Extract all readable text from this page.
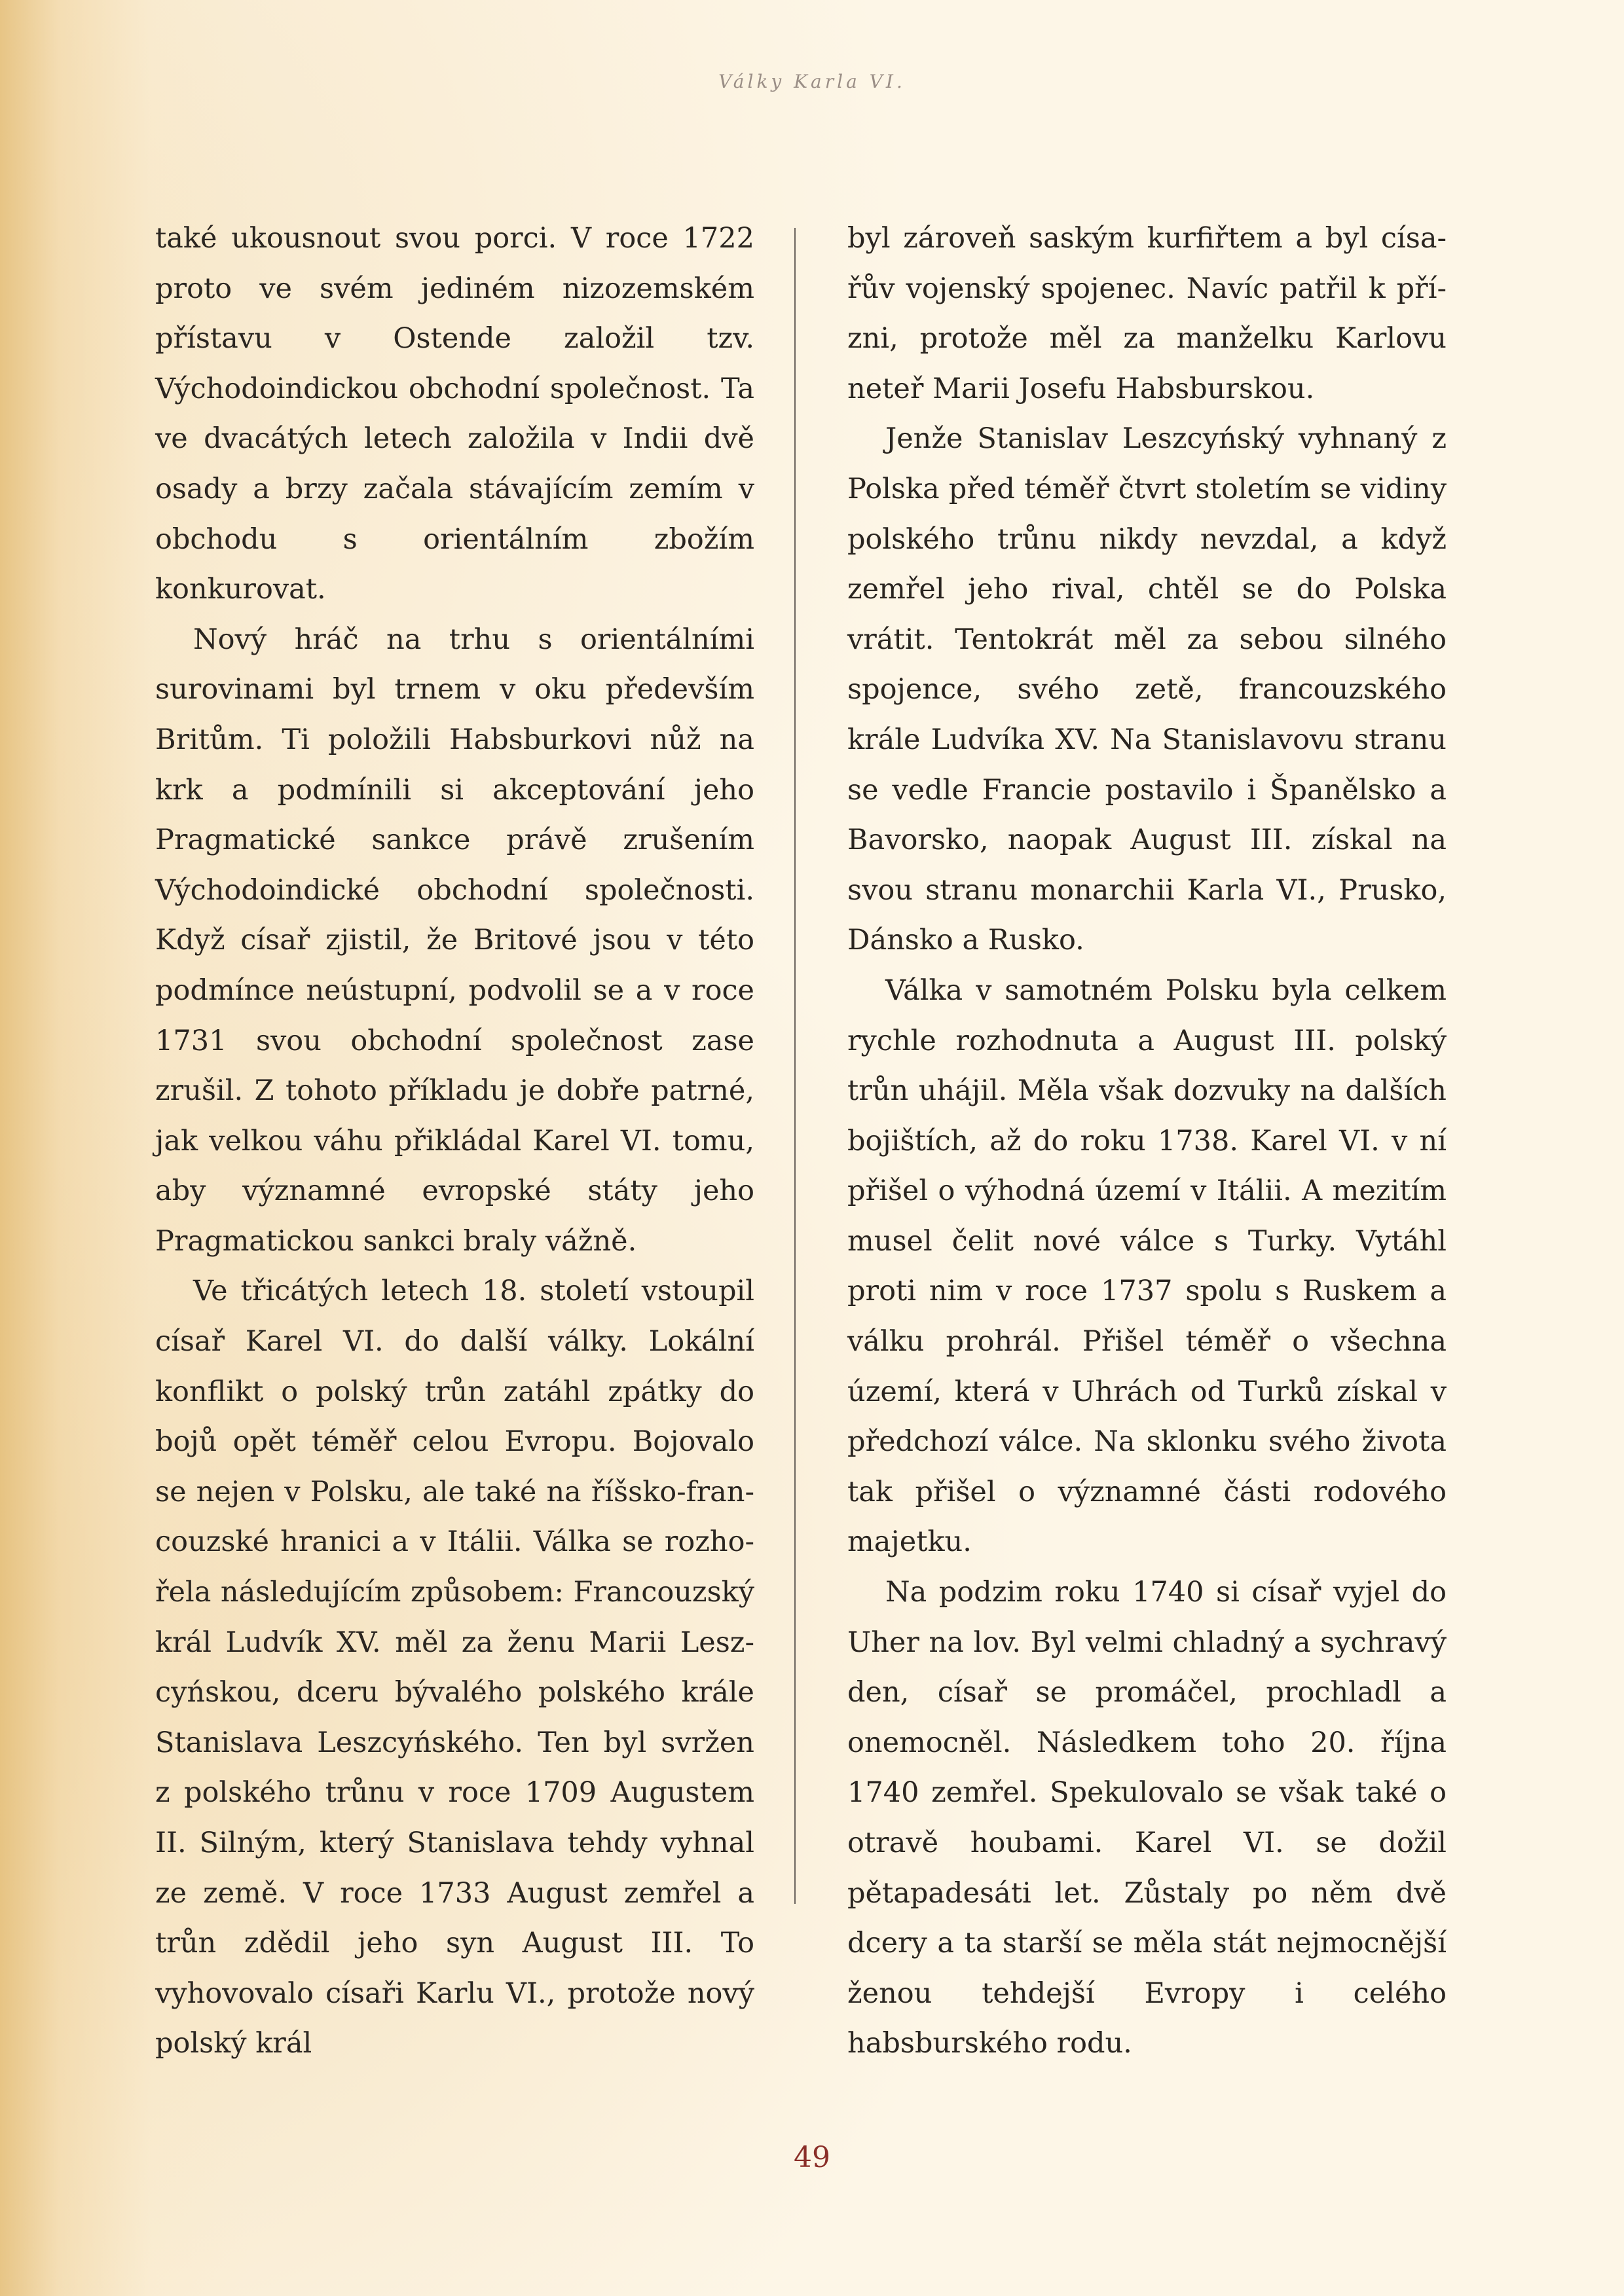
Války Karla VI.

také ukousnout svou porci. V roce 1722 proto ve svém jediném nizozemském přístavu v Ostende založil tzv. Východoindickou obchodní společnost. Ta ve dvacátých letech založila v Indii dvě osady a brzy začala stávajícím zemím v obchodu s orientálním zbožím konkurovat.

Nový hráč na trhu s orientálními surovinami byl trnem v oku především Britům. Ti položili Habsburkovi nůž na krk a podmínili si akceptování jeho Pragmatické sankce právě zrušením Východoindické obchodní společnosti. Když císař zjistil, že Britové jsou v této podmínce neústupní, podvolil se a v roce 1731 svou obchodní společnost zase zrušil. Z tohoto příkladu je dobře patrné, jak velkou váhu přikládal Karel VI. tomu, aby významné evropské státy jeho Pragmatickou sankci braly vážně.

Ve třicátých letech 18. století vstoupil císař Karel VI. do další války. Lokální konflikt o polský trůn zatáhl zpátky do bojů opět téměř celou Evropu. Bojovalo se nejen v Polsku, ale také na říšsko-francouzské hranici a v Itálii. Válka se rozhořela následujícím způsobem: Francouzský král Ludvík XV. měl za ženu Marii Leszcyńskou, dceru bývalého polského krále Stanislava Leszcyńského. Ten byl svržen z polského trůnu v roce 1709 Augustem II. Silným, který Stanislava tehdy vyhnal ze země. V roce 1733 August zemřel a trůn zdědil jeho syn August III. To vyhovovalo císaři Karlu VI., protože nový polský král

byl zároveň saským kurfiřtem a byl císařův vojenský spojenec. Navíc patřil k přízni, protože měl za manželku Karlovu neteř Marii Josefu Habsburskou.

Jenže Stanislav Leszcyńský vyhnaný z Polska před téměř čtvrt stoletím se vidiny polského trůnu nikdy nevzdal, a když zemřel jeho rival, chtěl se do Polska vrátit. Tentokrát měl za sebou silného spojence, svého zetě, francouzského krále Ludvíka XV. Na Stanislavovu stranu se vedle Francie postavilo i Španělsko a Bavorsko, naopak August III. získal na svou stranu monarchii Karla VI., Prusko, Dánsko a Rusko.

Válka v samotném Polsku byla celkem rychle rozhodnuta a August III. polský trůn uhájil. Měla však dozvuky na dalších bojištích, až do roku 1738. Karel VI. v ní přišel o výhodná území v Itálii. A mezitím musel čelit nové válce s Turky. Vytáhl proti nim v roce 1737 spolu s Ruskem a válku prohrál. Přišel téměř o všechna území, která v Uhrách od Turků získal v předchozí válce. Na sklonku svého života tak přišel o významné části rodového majetku.

Na podzim roku 1740 si císař vyjel do Uher na lov. Byl velmi chladný a sychravý den, císař se promáčel, prochladl a onemocněl. Následkem toho 20. října 1740 zemřel. Spekulovalo se však také o otravě houbami. Karel VI. se dožil pětapadesáti let. Zůstaly po něm dvě dcery a ta starší se měla stát nejmocnější ženou tehdejší Evropy i celého habsburského rodu.

49
